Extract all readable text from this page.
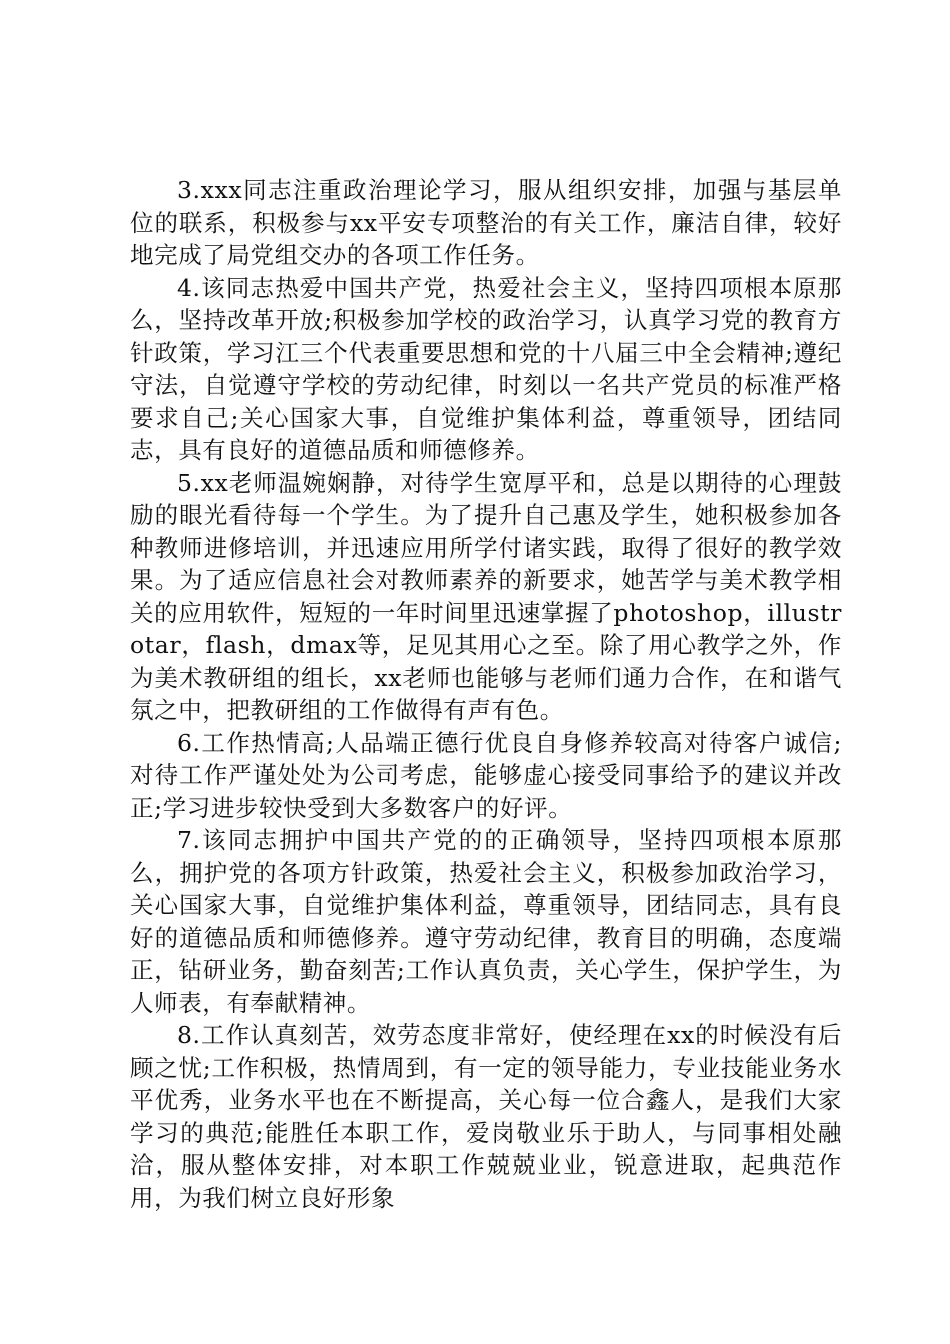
3.xxx同志注重政治理论学习，服从组织安排，加强与基层单位的联系，积极参与xx平安专项整治的有关工作，廉洁自律，较好地完成了局党组交办的各项工作任务。

4.该同志热爱中国共产党，热爱社会主义，坚持四项根本原那么，坚持改革开放;积极参加学校的政治学习，认真学习党的教育方针政策，学习江三个代表重要思想和党的十八届三中全会精神;遵纪守法，自觉遵守学校的劳动纪律，时刻以一名共产党员的标准严格要求自己;关心国家大事，自觉维护集体利益，尊重领导，团结同志，具有良好的道德品质和师德修养。

5.xx老师温婉娴静，对待学生宽厚平和，总是以期待的心理鼓励的眼光看待每一个学生。为了提升自己惠及学生，她积极参加各种教师进修培训，并迅速应用所学付诸实践，取得了很好的教学效果。为了适应信息社会对教师素养的新要求，她苦学与美术教学相关的应用软件，短短的一年时间里迅速掌握了photoshop，illustrotar，flash，dmax等，足见其用心之至。除了用心教学之外，作为美术教研组的组长，xx老师也能够与老师们通力合作，在和谐气氛之中，把教研组的工作做得有声有色。

6.工作热情高;人品端正德行优良自身修养较高对待客户诚信;对待工作严谨处处为公司考虑，能够虚心接受同事给予的建议并改正;学习进步较快受到大多数客户的好评。

7.该同志拥护中国共产党的的正确领导，坚持四项根本原那么，拥护党的各项方针政策，热爱社会主义，积极参加政治学习，关心国家大事，自觉维护集体利益，尊重领导，团结同志，具有良好的道德品质和师德修养。遵守劳动纪律，教育目的明确，态度端正，钻研业务，勤奋刻苦;工作认真负责，关心学生，保护学生，为人师表，有奉献精神。

8.工作认真刻苦，效劳态度非常好，使经理在xx的时候没有后顾之忧;工作积极，热情周到，有一定的领导能力，专业技能业务水平优秀，业务水平也在不断提高，关心每一位合鑫人，是我们大家学习的典范;能胜任本职工作，爱岗敬业乐于助人，与同事相处融洽，服从整体安排，对本职工作兢兢业业，锐意进取，起典范作用，为我们树立良好形象
